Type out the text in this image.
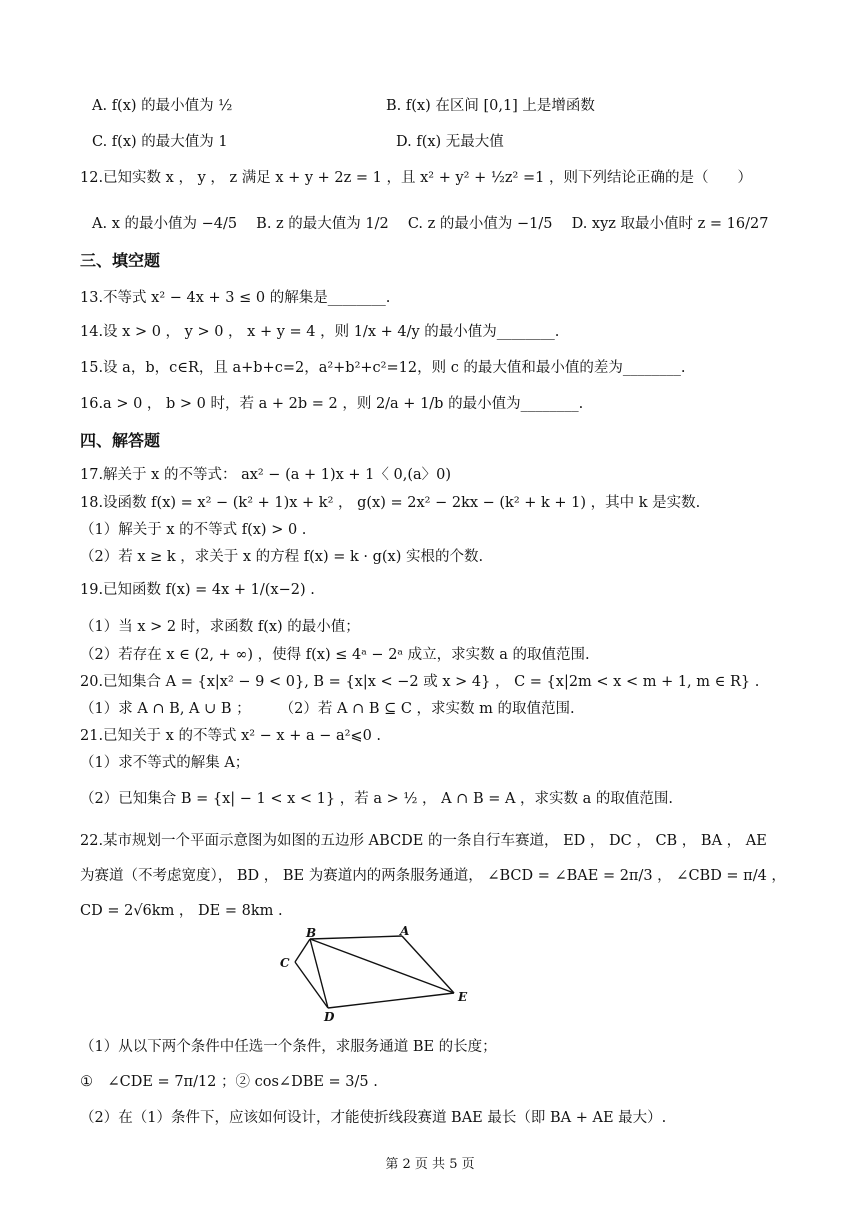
A. f(x) 的最小值为 ½	B. f(x) 在区间 [0,1] 上是增函数
C. f(x) 的最大值为 1	D. f(x) 无最大值
12.已知实数 x ， y ， z 满足 x + y + 2z = 1 ，且 x² + y² + ½z² =1 ，则下列结论正确的是（　　）
A. x 的最小值为 −4/5　 B. z 的最大值为 1/2　 C. z 的最小值为 −1/5　 D. xyz 取最小值时 z = 16/27
13.不等式 x² − 4x + 3 ≤ 0 的解集是________.
14.设 x > 0 ， y > 0 ， x + y = 4 ，则 1/x + 4/y 的最小值为________.
15.设 a，b，c∈R，且 a+b+c=2，a²+b²+c²=12，则 c 的最大值和最小值的差为________.
16.a > 0 ， b > 0 时，若 a + 2b = 2 ，则 2/a + 1/b 的最小值为________.
17.解关于 x 的不等式： ax² − (a + 1)x + 1〈 0,(a〉0)
18.设函数 f(x) = x² − (k² + 1)x + k² ， g(x) = 2x² − 2kx − (k² + k + 1) ，其中 k 是实数.
（1）解关于 x 的不等式 f(x) > 0 .
（2）若 x ≥ k ，求关于 x 的方程 f(x) = k · g(x) 实根的个数.
19.已知函数 f(x) = 4x + 1/(x−2) .
（1）当 x > 2 时，求函数 f(x) 的最小值；
（2）若存在 x ∈ (2, + ∞) ，使得 f(x) ≤ 4ᵃ − 2ᵃ 成立，求实数 a 的取值范围.
20.已知集合 A = {x|x² − 9 < 0}, B = {x|x < −2 或 x > 4} ， C = {x|2m < x < m + 1, m ∈ R} .
（1）求 A ∩ B, A ∪ B ；　　　（2）若 A ∩ B ⊆ C ，求实数 m 的取值范围.
21.已知关于 x 的不等式 x² − x + a − a²⩽0 .
（1）求不等式的解集 A；
（2）已知集合 B = {x| − 1 < x < 1} ，若 a > ½ ， A ∩ B = A ，求实数 a 的取值范围.
22.某市规划一个平面示意图为如图的五边形 ABCDE 的一条自行车赛道， ED ， DC ， CB ， BA ， AE
为赛道（不考虑宽度）， BD ， BE 为赛道内的两条服务通道， ∠BCD = ∠BAE = 2π/3 ， ∠CBD = π/4 ，
CD = 2√6km ， DE = 8km .
（1）从以下两个条件中任选一个条件，求服务通道 BE 的长度；
①　∠CDE = 7π/12 ；② cos∠DBE = 3/5 .
（2）在（1）条件下，应该如何设计，才能使折线段赛道 BAE 最长（即 BA + AE 最大）.
三、填空题
四、解答题
B	A
C
D
E
第 2 页 共 5 页
